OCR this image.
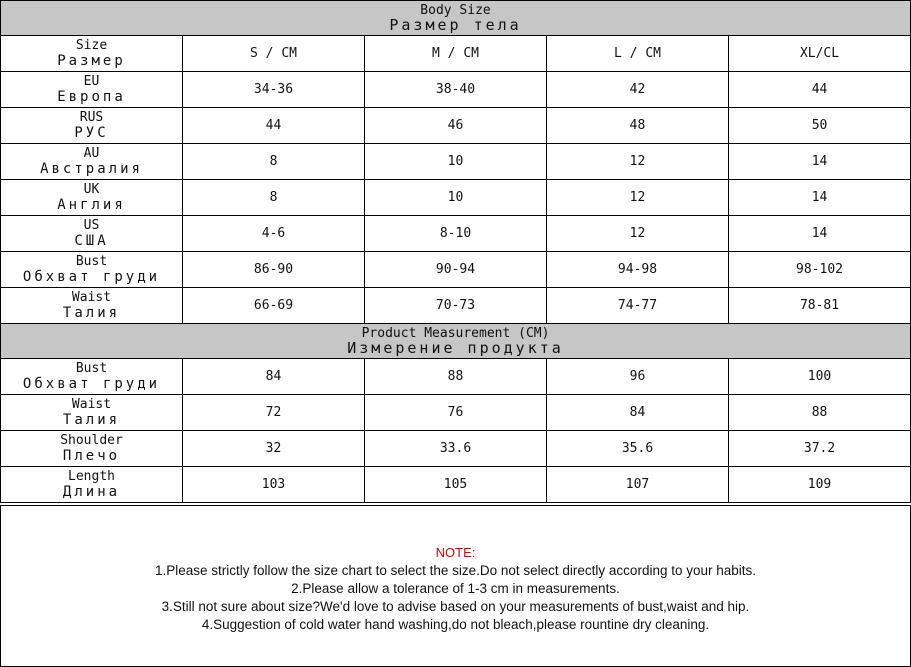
Body Size
Размер тела				

Size
Размер	S / CM	M / CM	L / CM	XL/CL

EU
Европа	34-36	38-40	42	44

RUS
РУС	44	46	48	50

AU
Австралия	8	10	12	14

UK
Англия	8	10	12	14

US
США	4-6	8-10	12	14

Bust
Обхват груди	86-90	90-94	94-98	98-102

Waist
Талия	66-69	70-73	74-77	78-81

Product Measurement (CM)
Измерение продукта				

Bust
Обхват груди	84	88	96	100

Waist
Талия	72	76	84	88

Shoulder
Плечо	32	33.6	35.6	37.2

Length
Длина	103	105	107	109
NOTE:
1.Please strictly follow the size chart to select the size.Do not select directly according to your habits.
2.Please allow a tolerance of 1-3 cm in measurements.
3.Still not sure about size?We'd love to advise based on your measurements of bust,waist and hip.
4.Suggestion of cold water hand washing,do not bleach,please rountine dry cleaning.
